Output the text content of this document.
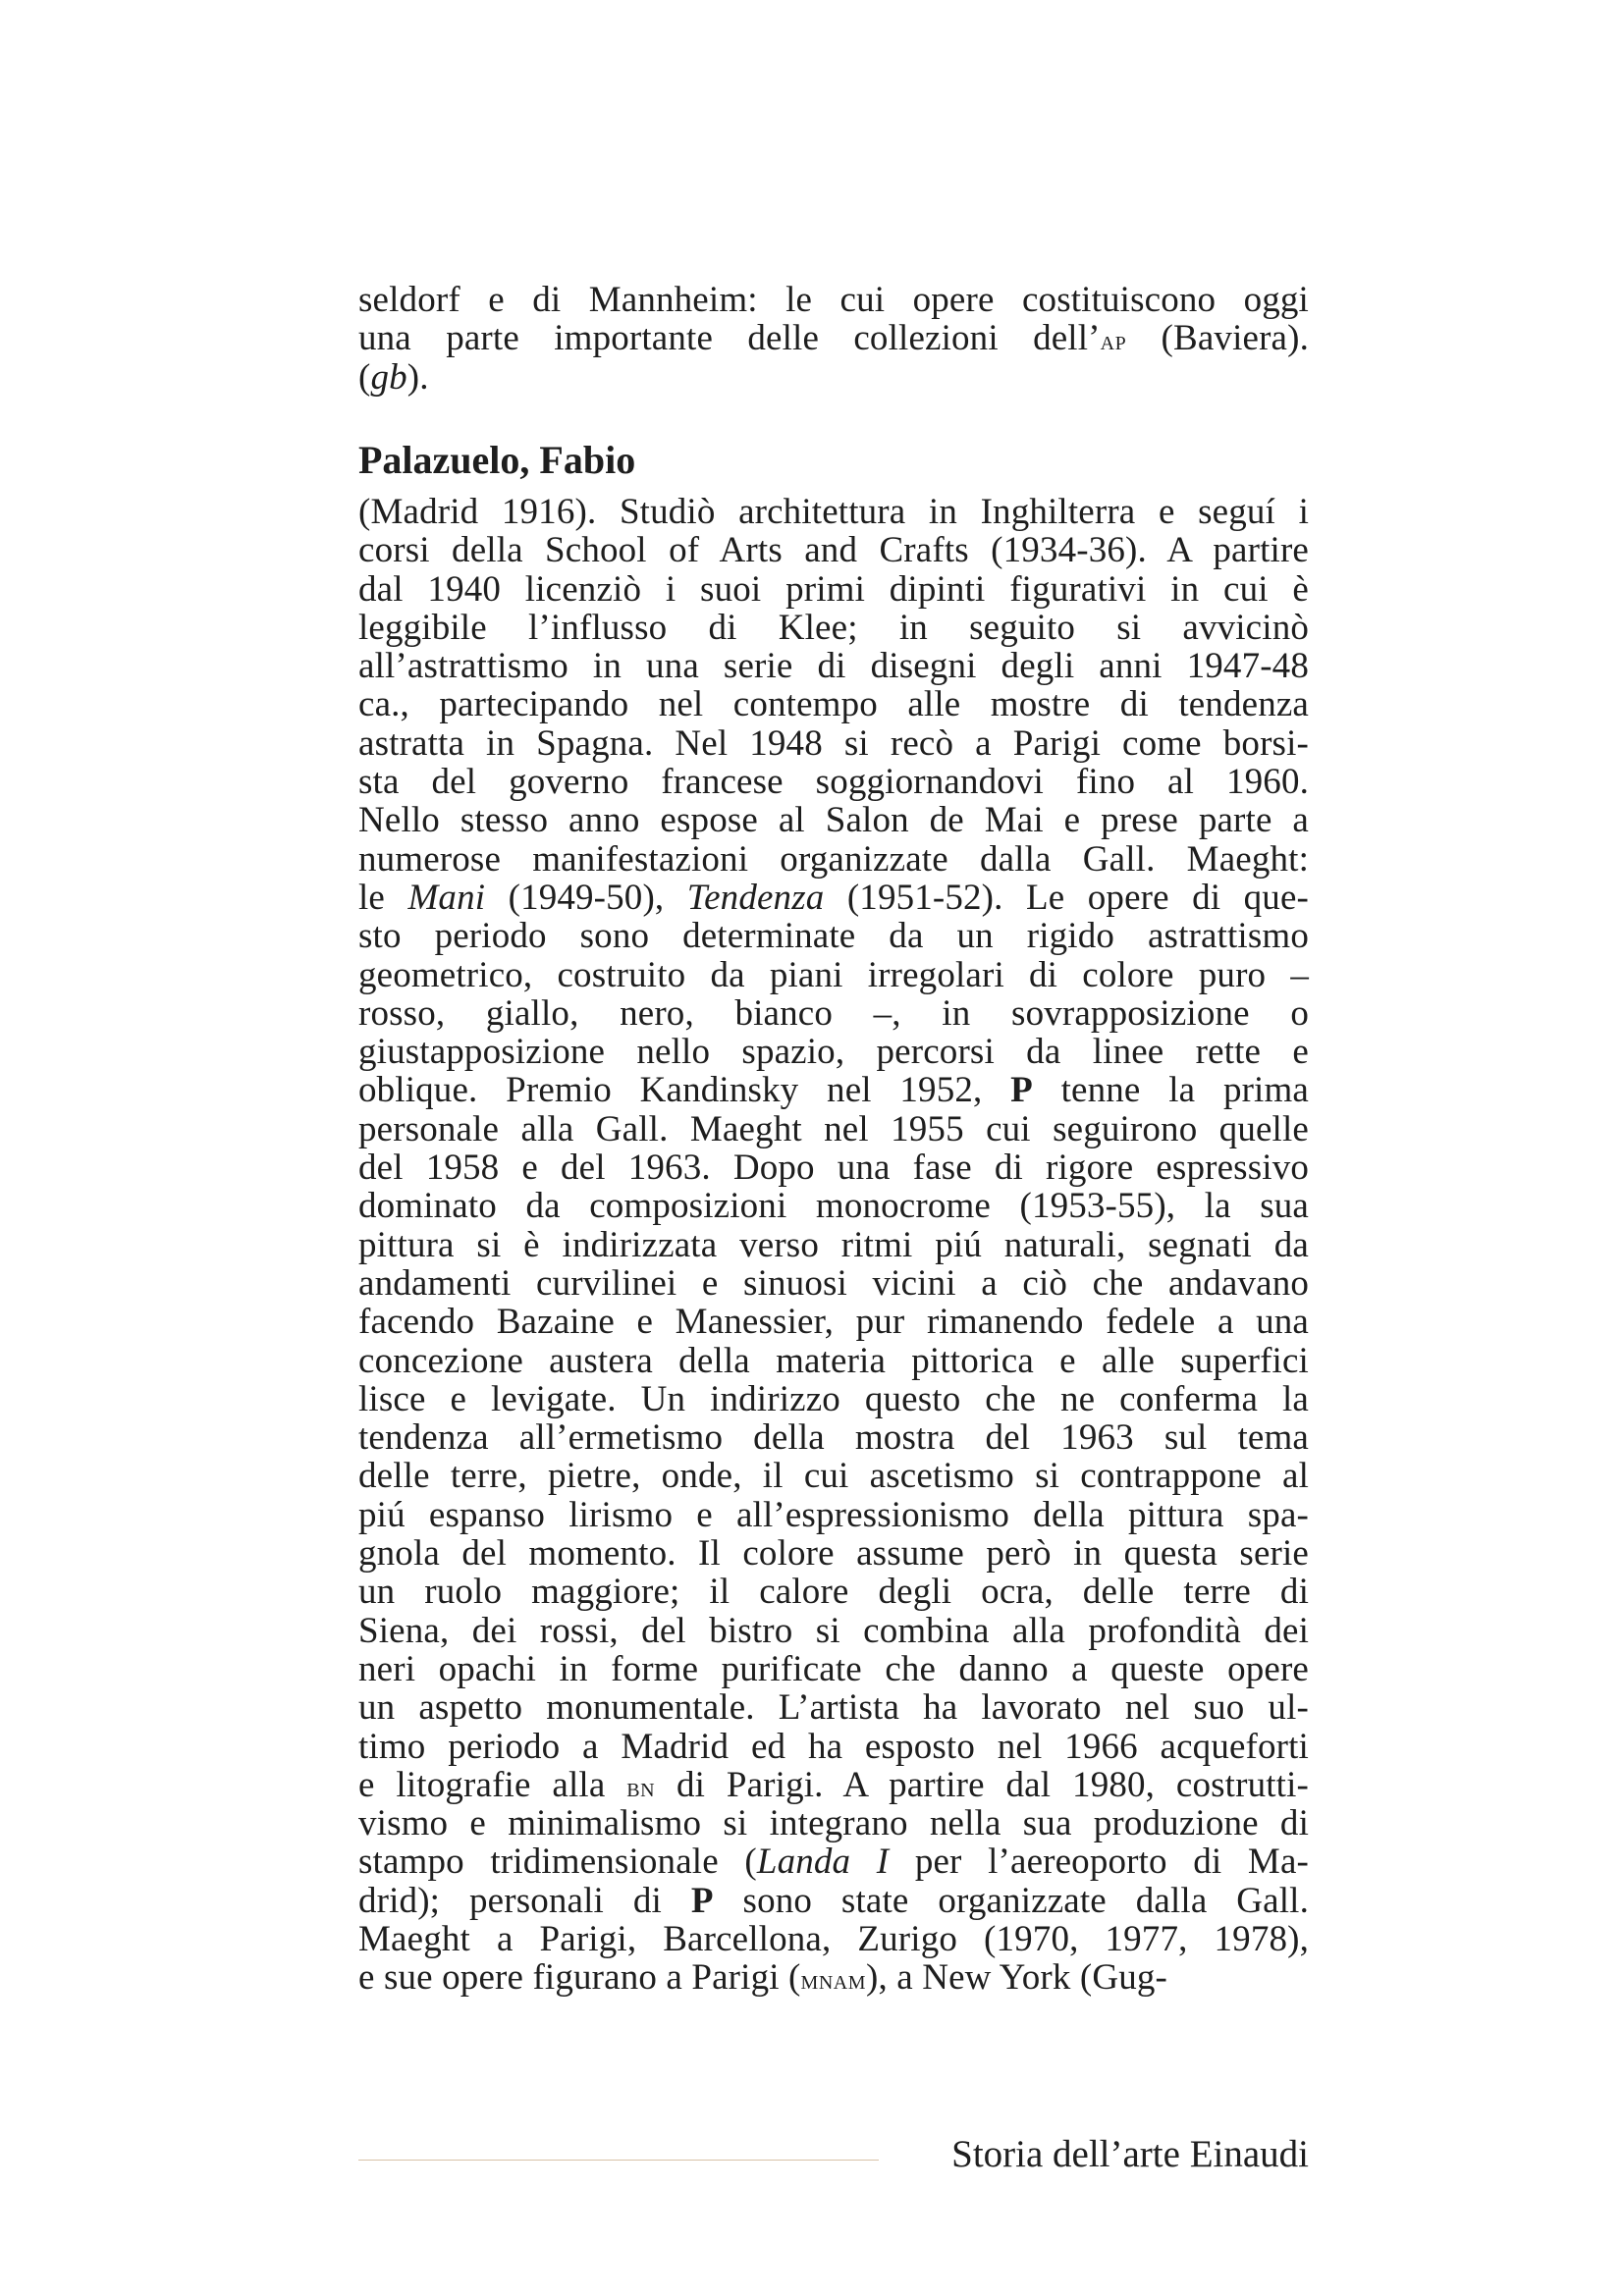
seldorf e di Mannheim: le cui opere costituiscono oggi
una parte importante delle collezioni dell’ap (Baviera).
(gb).
Palazuelo, Fabio
(Madrid 1916). Studiò architettura in Inghilterra e seguí i
corsi della School of Arts and Crafts (1934-36). A partire
dal 1940 licenziò i suoi primi dipinti figurativi in cui è
leggibile l’influsso di Klee; in seguito si avvicinò
all’astrattismo in una serie di disegni degli anni 1947-48
ca., partecipando nel contempo alle mostre di tendenza
astratta in Spagna. Nel 1948 si recò a Parigi come borsi-
sta del governo francese soggiornandovi fino al 1960.
Nello stesso anno espose al Salon de Mai e prese parte a
numerose manifestazioni organizzate dalla Gall. Maeght:
le Mani (1949-50), Tendenza (1951-52). Le opere di que-
sto periodo sono determinate da un rigido astrattismo
geometrico, costruito da piani irregolari di colore puro –
rosso, giallo, nero, bianco –, in sovrapposizione o
giustapposizione nello spazio, percorsi da linee rette e
oblique. Premio Kandinsky nel 1952, P tenne la prima
personale alla Gall. Maeght nel 1955 cui seguirono quelle
del 1958 e del 1963. Dopo una fase di rigore espressivo
dominato da composizioni monocrome (1953-55), la sua
pittura si è indirizzata verso ritmi piú naturali, segnati da
andamenti curvilinei e sinuosi vicini a ciò che andavano
facendo Bazaine e Manessier, pur rimanendo fedele a una
concezione austera della materia pittorica e alle superfici
lisce e levigate. Un indirizzo questo che ne conferma la
tendenza all’ermetismo della mostra del 1963 sul tema
delle terre, pietre, onde, il cui ascetismo si contrappone al
piú espanso lirismo e all’espressionismo della pittura spa-
gnola del momento. Il colore assume però in questa serie
un ruolo maggiore; il calore degli ocra, delle terre di
Siena, dei rossi, del bistro si combina alla profondità dei
neri opachi in forme purificate che danno a queste opere
un aspetto monumentale. L’artista ha lavorato nel suo ul-
timo periodo a Madrid ed ha esposto nel 1966 acqueforti
e litografie alla bn di Parigi. A partire dal 1980, costrutti-
vismo e minimalismo si integrano nella sua produzione di
stampo tridimensionale (Landa I per l’aereoporto di Ma-
drid); personali di P sono state organizzate dalla Gall.
Maeght a Parigi, Barcellona, Zurigo (1970, 1977, 1978),
e sue opere figurano a Parigi (mnam), a New York (Gug-
Storia dell’arte Einaudi
